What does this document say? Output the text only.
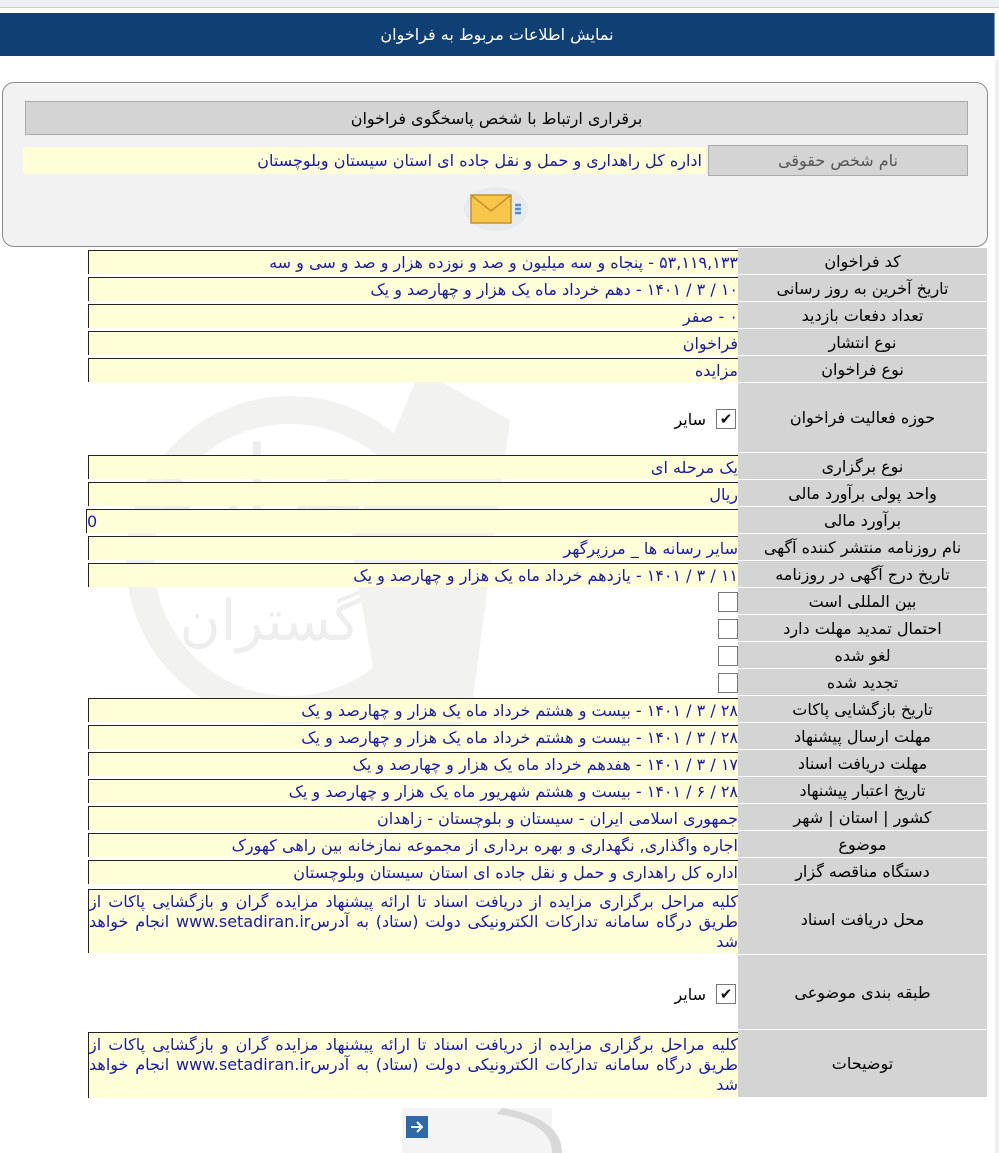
نمایش اطلاعات مربوط به فراخوان
هزاره
گستران
برقراری ارتباط با شخص پاسخگوی فراخوان
نام شخص حقوقی
اداره کل راهداری و حمل و نقل جاده ای استان سیستان وبلوچستان
کد فراخوان
۵۳,۱۱۹,۱۳۳ - پنجاه و سه میلیون و صد و نوزده هزار و صد و سی و سه
تاریخ آخرین به روز رسانی
۱۰ / ۳ / ۱۴۰۱ - دهم خرداد ماه یک هزار و چهارصد و یک
تعداد دفعات بازدید
۰ - صفر
نوع انتشار
فراخوان
نوع فراخوان
مزایده
حوزه فعالیت فراخوان
✔
سایر
نوع برگزاری
یک مرحله ای
واحد پولی برآورد مالی
ریال
برآورد مالی
0
نام روزنامه منتشر کننده آگهی
سایر رسانه ها _ مرزپرگهر
تاریخ درج آگهی در روزنامه
۱۱ / ۳ / ۱۴۰۱ - یازدهم خرداد ماه یک هزار و چهارصد و یک
بین المللی است
احتمال تمدید مهلت دارد
لغو شده
تجدید شده
تاریخ بازگشایی پاکات
۲۸ / ۳ / ۱۴۰۱ - بیست و هشتم خرداد ماه یک هزار و چهارصد و یک
مهلت ارسال پیشنهاد
۲۸ / ۳ / ۱۴۰۱ - بیست و هشتم خرداد ماه یک هزار و چهارصد و یک
مهلت دریافت اسناد
۱۷ / ۳ / ۱۴۰۱ - هفدهم خرداد ماه یک هزار و چهارصد و یک
تاریخ اعتبار پیشنهاد
۲۸ / ۶ / ۱۴۰۱ - بیست و هشتم شهریور ماه یک هزار و چهارصد و یک
کشور | استان | شهر
جمهوری اسلامی ایران - سیستان و بلوچستان - زاهدان
موضوع
اجاره واگذاری, نگهداری و بهره برداری از مجموعه نمازخانه بین راهی کهورک
دستگاه مناقصه گزار
اداره کل راهداری و حمل و نقل جاده ای استان سیستان وبلوچستان
محل دریافت اسناد
کلیه مراحل برگزاری مزایده از دریافت اسناد تا ارائه پیشنهاد مزایده گران و بازگشایی پاکات از طریق درگاه سامانه تدارکات الکترونیکی دولت (ستاد) به آدرسwww.setadiran.ir انجام خواهد شد
طبقه بندی موضوعی
✔
سایر
توضیحات
کلیه مراحل برگزاری مزایده از دریافت اسناد تا ارائه پیشنهاد مزایده گران و بازگشایی پاکات از طریق درگاه سامانه تدارکات الکترونیکی دولت (ستاد) به آدرسwww.setadiran.ir انجام خواهد شد
